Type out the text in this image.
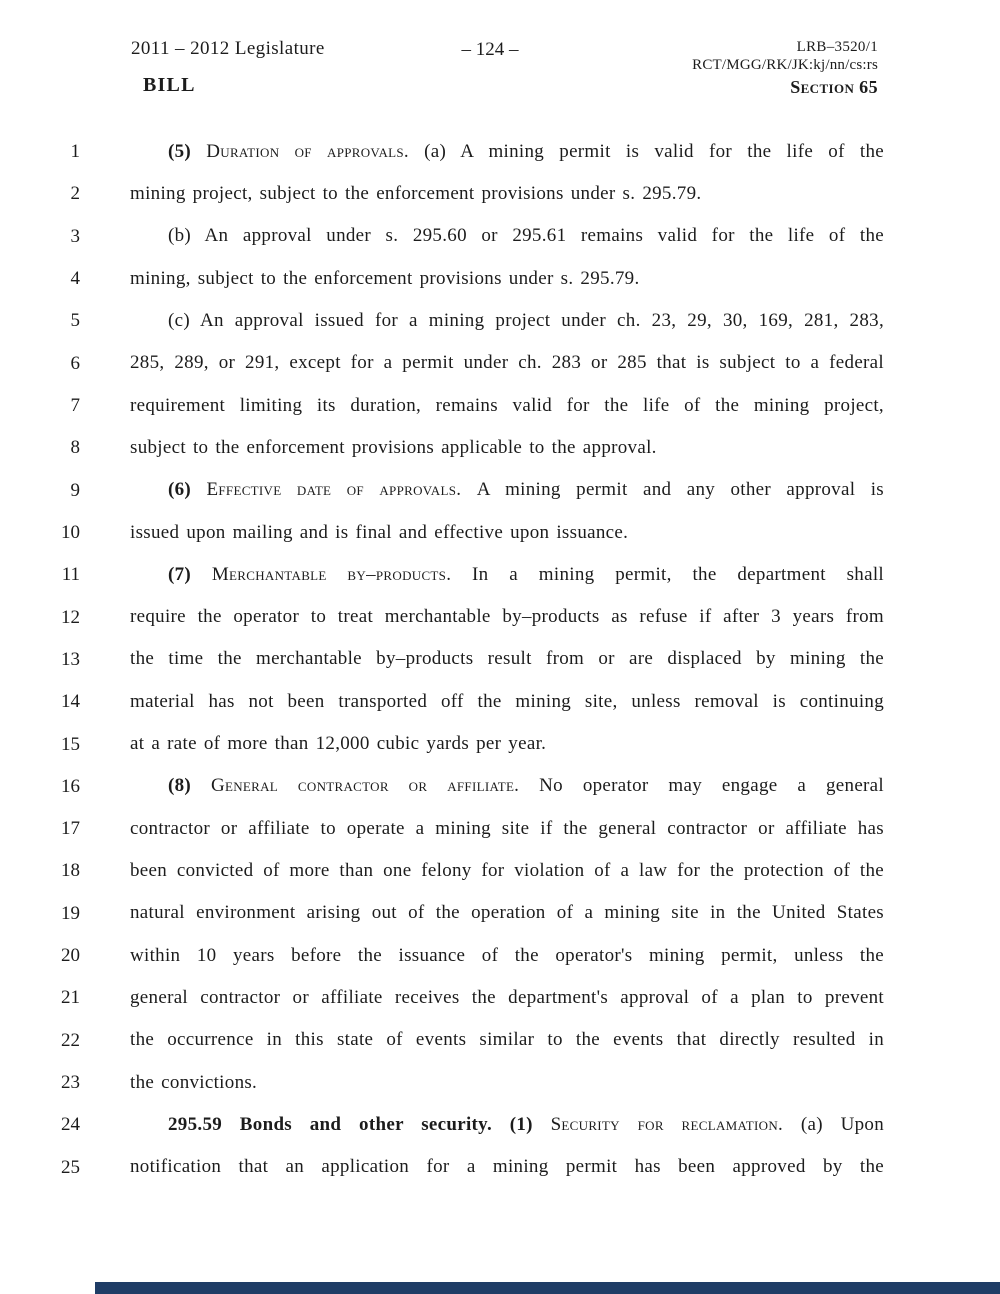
2011 – 2012 Legislature	– 124 –	LRB–3520/1
RCT/MGG/RK/JK:kj/nn/cs:rs
BILL	Section 65
1	(5) Duration of approvals. (a) A mining permit is valid for the life of the
2	mining project, subject to the enforcement provisions under s. 295.79.
3	(b) An approval under s. 295.60 or 295.61 remains valid for the life of the
4	mining, subject to the enforcement provisions under s. 295.79.
5	(c) An approval issued for a mining project under ch. 23, 29, 30, 169, 281, 283,
6	285, 289, or 291, except for a permit under ch. 283 or 285 that is subject to a federal
7	requirement limiting its duration, remains valid for the life of the mining project,
8	subject to the enforcement provisions applicable to the approval.
9	(6) Effective date of approvals. A mining permit and any other approval is
10	issued upon mailing and is final and effective upon issuance.
11	(7) Merchantable by–products. In a mining permit, the department shall
12	require the operator to treat merchantable by–products as refuse if after 3 years from
13	the time the merchantable by–products result from or are displaced by mining the
14	material has not been transported off the mining site, unless removal is continuing
15	at a rate of more than 12,000 cubic yards per year.
16	(8) General contractor or affiliate. No operator may engage a general
17	contractor or affiliate to operate a mining site if the general contractor or affiliate has
18	been convicted of more than one felony for violation of a law for the protection of the
19	natural environment arising out of the operation of a mining site in the United States
20	within 10 years before the issuance of the operator's mining permit, unless the
21	general contractor or affiliate receives the department's approval of a plan to prevent
22	the occurrence in this state of events similar to the events that directly resulted in
23	the convictions.
24	295.59 Bonds and other security. (1) Security for reclamation. (a) Upon
25	notification that an application for a mining permit has been approved by the
